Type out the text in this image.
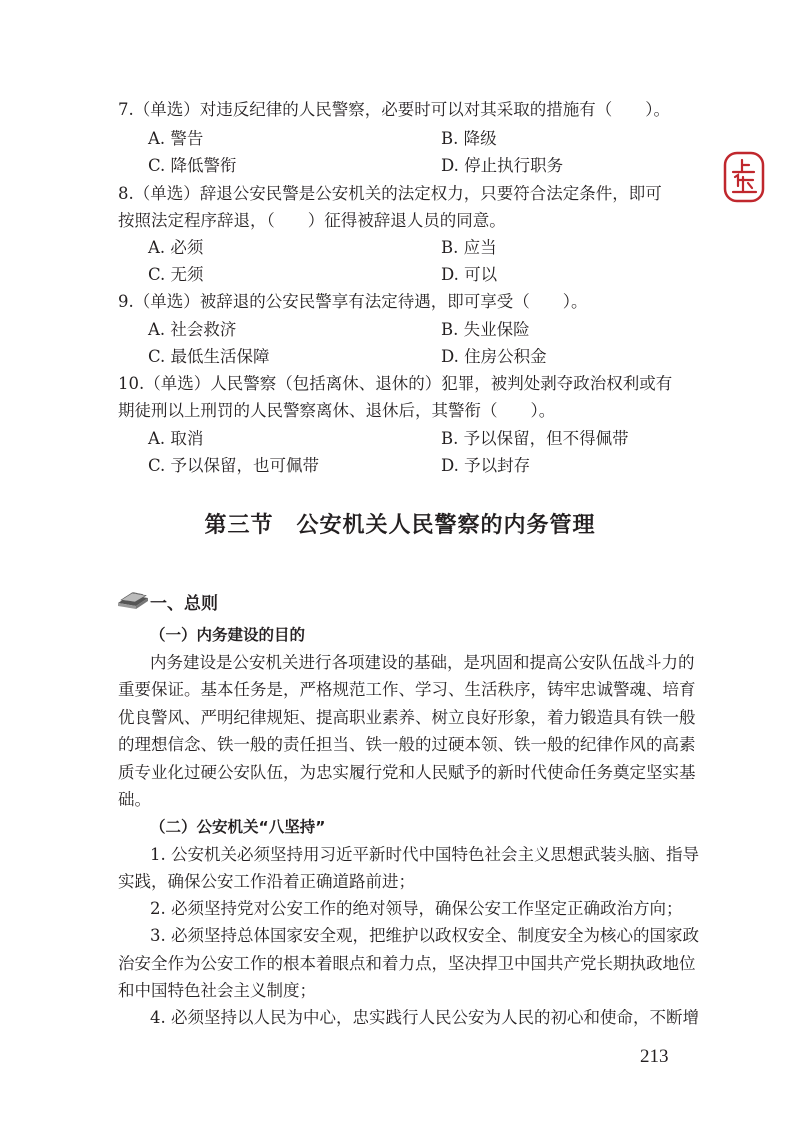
7.（单选）对违反纪律的人民警察，必要时可以对其采取的措施有（　　）。
A. 警告	B. 降级
C. 降低警衔	D. 停止执行职务
8.（单选）辞退公安民警是公安机关的法定权力，只要符合法定条件，即可
按照法定程序辞退，（　　）征得被辞退人员的同意。
A. 必须	B. 应当
C. 无须	D. 可以
9.（单选）被辞退的公安民警享有法定待遇，即可享受（　　）。
A. 社会救济	B. 失业保险
C. 最低生活保障	D. 住房公积金
10.（单选）人民警察（包括离休、退休的）犯罪，被判处剥夺政治权利或有
期徒刑以上刑罚的人民警察离休、退休后，其警衔（　　）。
A. 取消	B. 予以保留，但不得佩带
C. 予以保留，也可佩带	D. 予以封存
第三节　公安机关人民警察的内务管理
一、总则
（一）内务建设的目的
内务建设是公安机关进行各项建设的基础，是巩固和提高公安队伍战斗力的
重要保证。基本任务是，严格规范工作、学习、生活秩序，铸牢忠诚警魂、培育
优良警风、严明纪律规矩、提高职业素养、树立良好形象，着力锻造具有铁一般
的理想信念、铁一般的责任担当、铁一般的过硬本领、铁一般的纪律作风的高素
质专业化过硬公安队伍，为忠实履行党和人民赋予的新时代使命任务奠定坚实基
础。
（二）公安机关“八坚持”
1. 公安机关必须坚持用习近平新时代中国特色社会主义思想武装头脑、指导
实践，确保公安工作沿着正确道路前进；
2. 必须坚持党对公安工作的绝对领导，确保公安工作坚定正确政治方向；
3. 必须坚持总体国家安全观，把维护以政权安全、制度安全为核心的国家政
治安全作为公安工作的根本着眼点和着力点，坚决捍卫中国共产党长期执政地位
和中国特色社会主义制度；
4. 必须坚持以人民为中心，忠实践行人民公安为人民的初心和使命，不断增
213
